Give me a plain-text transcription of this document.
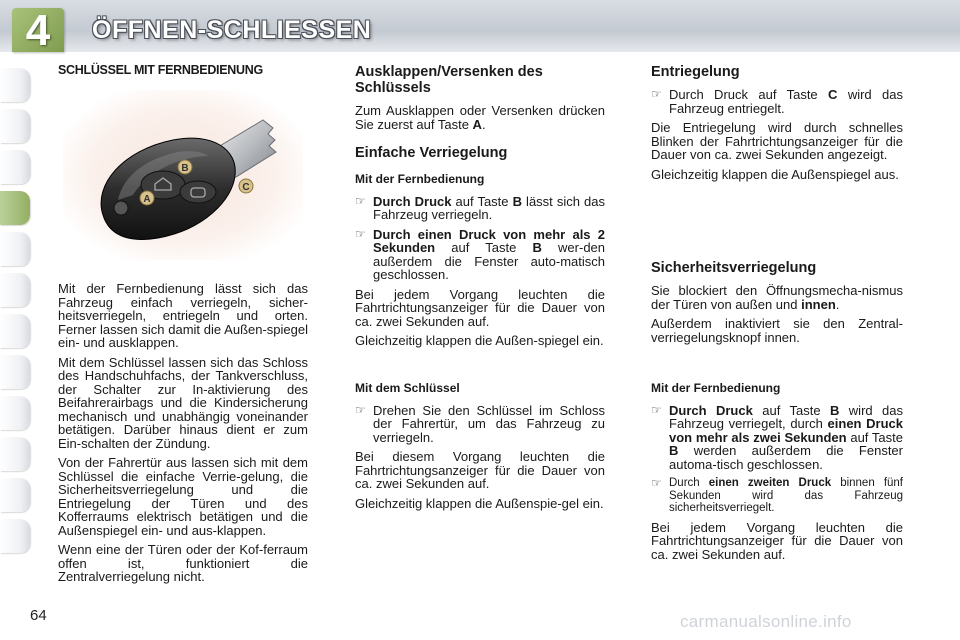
4	ÖFFNEN-SCHLIESSEN
SCHLÜSSEL MIT FERNBEDIENUNG
A
B
C

Mit der Fernbedienung lässt sich das Fahrzeug einfach verriegeln, sicher-heitsverriegeln, entriegeln und orten. Ferner lassen sich damit die Außen-spiegel ein- und ausklappen.

Mit dem Schlüssel lassen sich das Schloss des Handschuhfachs, der Tankverschluss, der Schalter zur In-aktivierung des Beifahrerairbags und die Kindersicherung mechanisch und unabhängig voneinander betätigen. Darüber hinaus dient er zum Ein-schalten der Zündung.

Von der Fahrertür aus lassen sich mit dem Schlüssel die einfache Verrie-gelung, die Sicherheitsverriegelung und die Entriegelung der Türen und des Kofferraums elektrisch betätigen und die Außenspiegel ein- und aus-klappen.

Wenn eine der Türen oder der Kof-ferraum offen ist, funktioniert die Zentralverriegelung nicht.

Ausklappen/Versenken des Schlüssels

Zum Ausklappen oder Versenken drücken Sie zuerst auf Taste A.

Einfache Verriegelung
Mit der Fernbedienung
☞ Durch Druck auf Taste B lässt sich das Fahrzeug verriegeln.
☞ Durch einen Druck von mehr als 2 Sekunden auf Taste B wer-den außerdem die Fenster auto-matisch geschlossen.

Bei jedem Vorgang leuchten die Fahrtrichtungsanzeiger für die Dauer von ca. zwei Sekunden auf.

Gleichzeitig klappen die Außen-spiegel ein.

Mit dem Schlüssel
☞ Drehen Sie den Schlüssel im Schloss der Fahrertür, um das Fahrzeug zu verriegeln.

Bei diesem Vorgang leuchten die Fahrtrichtungsanzeiger für die Dauer von ca. zwei Sekunden auf.

Gleichzeitig klappen die Außenspie-gel ein.

Entriegelung
☞ Durch Druck auf Taste C wird das Fahrzeug entriegelt.

Die Entriegelung wird durch schnelles Blinken der Fahrtrichtungsanzeiger für die Dauer von ca. zwei Sekunden angezeigt.

Gleichzeitig klappen die Außenspiegel aus.

Sicherheitsverriegelung

Sie blockiert den Öffnungsmecha-nismus der Türen von außen und innen.

Außerdem inaktiviert sie den Zentral-verriegelungsknopf innen.

Mit der Fernbedienung
☞ Durch Druck auf Taste B wird das Fahrzeug verriegelt, durch einen Druck von mehr als zwei Sekunden auf Taste B werden außerdem die Fenster automa-tisch geschlossen.
☞ Durch einen zweiten Druck binnen fünf Sekunden wird das Fahrzeug sicherheitsverriegelt.

Bei jedem Vorgang leuchten die Fahrtrichtungsanzeiger für die Dauer von ca. zwei Sekunden auf.

64	carmanualsonline.info
